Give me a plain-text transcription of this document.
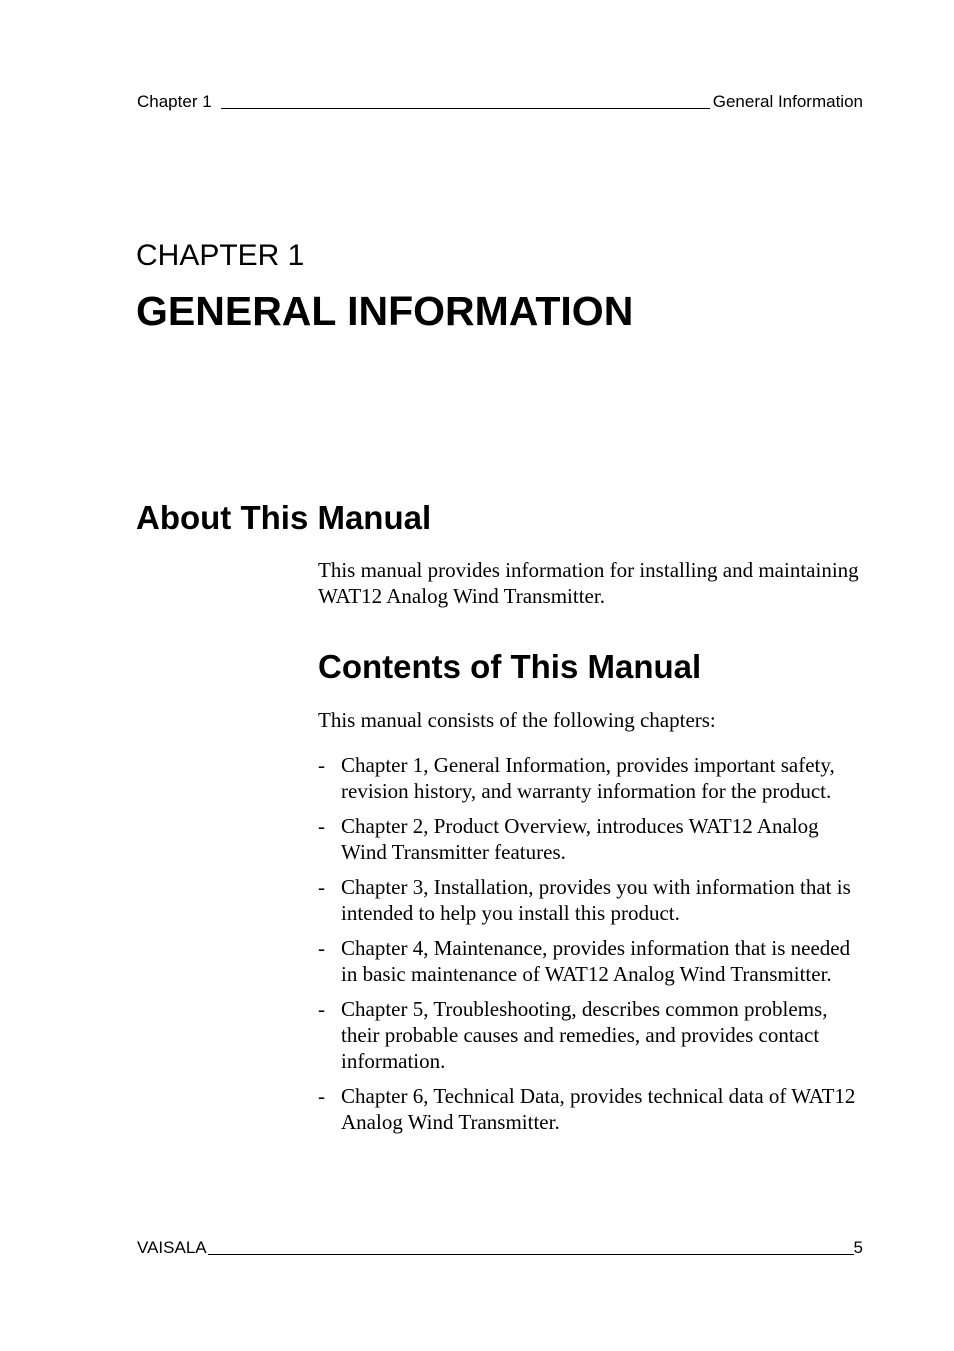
Chapter 1	General Information
CHAPTER 1
GENERAL INFORMATION
About This Manual
This manual provides information for installing and maintaining WAT12 Analog Wind Transmitter.
Contents of This Manual
This manual consists of the following chapters:
- Chapter 1, General Information, provides important safety, revision history, and warranty information for the product.
- Chapter 2, Product Overview, introduces WAT12 Analog Wind Transmitter features.
- Chapter 3, Installation, provides you with information that is intended to help you install this product.
- Chapter 4, Maintenance, provides information that is needed in basic maintenance of WAT12 Analog Wind Transmitter.
- Chapter 5, Troubleshooting, describes common problems, their probable causes and remedies, and provides contact information.
- Chapter 6, Technical Data, provides technical data of WAT12 Analog Wind Transmitter.
VAISALA	5
